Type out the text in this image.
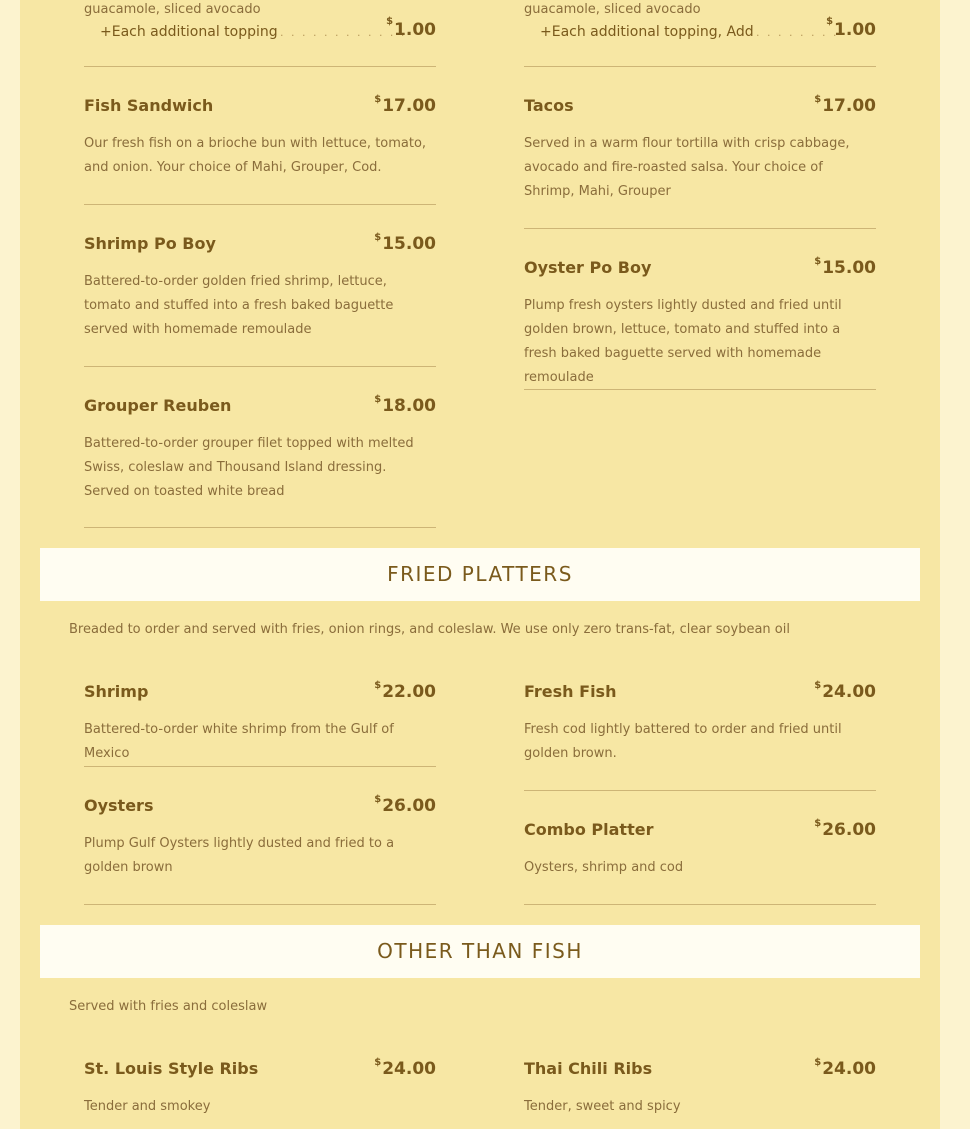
guacamole, sliced avocado
+Each additional topping . . . . . . . . . . . .
$1.00
guacamole, sliced avocado
+Each additional topping, Add . . . . . . . .
$1.00
Fish Sandwich	$17.00
Our fresh fish on a brioche bun with lettuce, tomato, and onion. Your choice of Mahi, Grouper, Cod.
Shrimp Po Boy	$15.00
Battered-to-order golden fried shrimp, lettuce, tomato and stuffed into a fresh baked baguette served with homemade remoulade
Grouper Reuben	$18.00
Battered-to-order grouper filet topped with melted Swiss, coleslaw and Thousand Island dressing. Served on toasted white bread
Tacos	$17.00
Served in a warm flour tortilla with crisp cabbage, avocado and fire-roasted salsa. Your choice of Shrimp, Mahi, Grouper
Oyster Po Boy	$15.00
Plump fresh oysters lightly dusted and fried until golden brown, lettuce, tomato and stuffed into a fresh baked baguette served with homemade remoulade
FRIED PLATTERS
Breaded to order and served with fries, onion rings, and coleslaw. We use only zero trans-fat, clear soybean oil
Shrimp	$22.00
Battered-to-order white shrimp from the Gulf of Mexico
Oysters	$26.00
Plump Gulf Oysters lightly dusted and fried to a golden brown
Fresh Fish	$24.00
Fresh cod lightly battered to order and fried until golden brown.
Combo Platter	$26.00
Oysters, shrimp and cod
OTHER THAN FISH
Served with fries and coleslaw
St. Louis Style Ribs	$24.00
Tender and smokey
Thai Chili Ribs	$24.00
Tender, sweet and spicy
